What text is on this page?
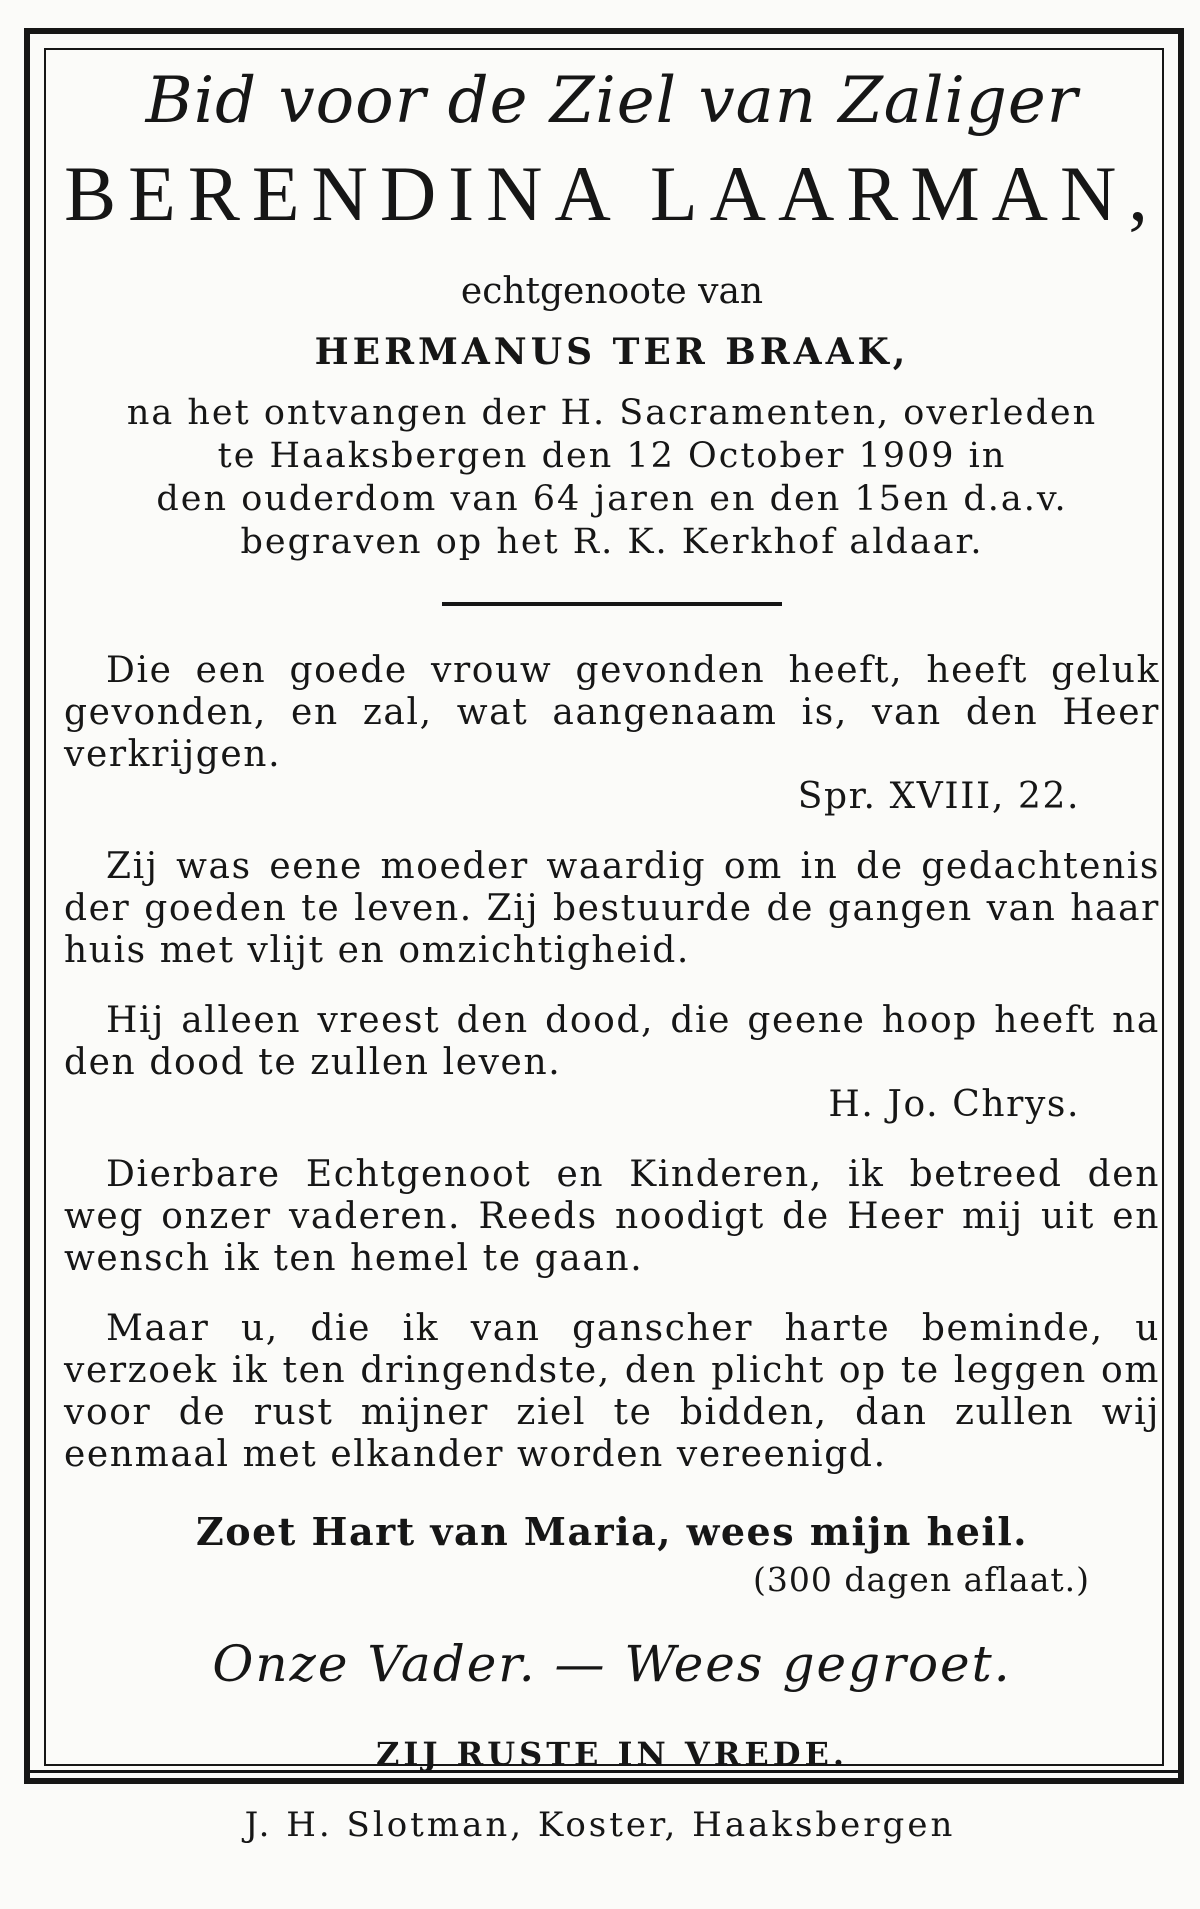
Bid voor de Ziel van Zaliger

BERENDINA LAARMAN,

echtgenoote van

HERMANUS TER BRAAK,

na het ontvangen der H. Sacramenten, overleden
te Haaksbergen den 12 October 1909 in
den ouderdom van 64 jaren en den 15en d.a.v.
begraven op het R. K. Kerkhof aldaar.

Die een goede vrouw gevonden heeft, heeft geluk gevonden, en zal, wat aangenaam is, van den Heer verkrijgen.
Spr. XVIII, 22.

Zij was eene moeder waardig om in de gedachtenis der goeden te leven. Zij bestuurde de gangen van haar huis met vlijt en omzichtigheid.

Hij alleen vreest den dood, die geene hoop heeft na den dood te zullen leven.
H. Jo. Chrys.

Dierbare Echtgenoot en Kinderen, ik betreed den weg onzer vaderen. Reeds noodigt de Heer mij uit en wensch ik ten hemel te gaan.

Maar u, die ik van ganscher harte beminde, u verzoek ik ten dringendste, den plicht op te leggen om voor de rust mijner ziel te bidden, dan zullen wij eenmaal met elkander worden vereenigd.

Zoet Hart van Maria, wees mijn heil.

(300 dagen aflaat.)

Onze Vader. — Wees gegroet.

ZIJ RUSTE IN VREDE.

J. H. Slotman, Koster, Haaksbergen
